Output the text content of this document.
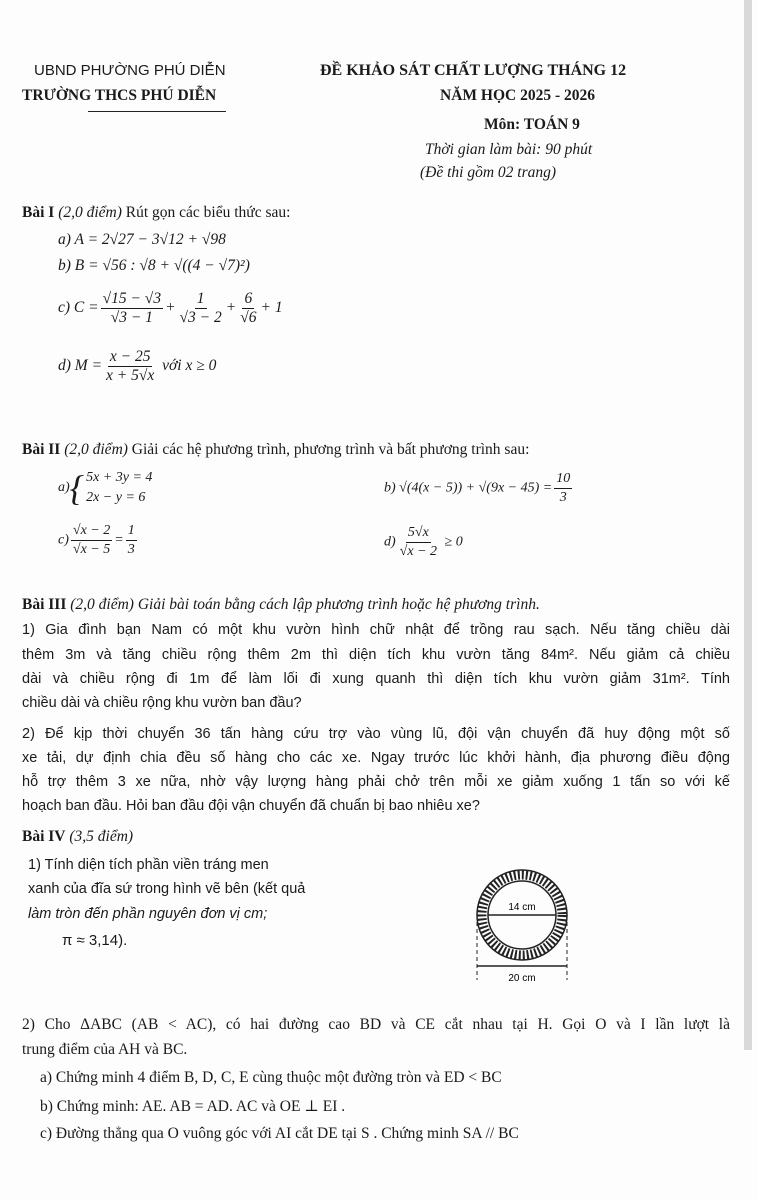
UBND PHƯỜNG PHÚ DIỄN
TRƯỜNG THCS PHÚ DIỄN
ĐỀ KHẢO SÁT CHẤT LƯỢNG THÁNG 12
NĂM HỌC 2025 - 2026
Môn: TOÁN 9
Thời gian làm bài: 90 phút
(Đề thi gồm 02 trang)
Bài I (2,0 điểm) Rút gọn các biểu thức sau:
a) A = 2√27 − 3√12 + √98
b) B = √56 : √8 + √((4 − √7)²)
c) $C = \frac{√15 - √3}{√3 - 1} + \frac{1}{√3 - 2} + \frac{6}{√6} + 1$
d) $M = \frac{x - 25}{x + 5√x}$ với x ≥ 0
Bài II (2,0 điểm) Giải các hệ phương trình, phương trình và bất phương trình sau:
a){ 5x + 3y = 4
2x − y = 6
b) $√(4(x - 5)) + √(9x - 45) = \frac{10}{3}$
$c) \frac{√x - 2}{√x - 5} = \frac{1}{3}$	$d) \frac{5√x}{√x - 2} \ge 0$
Bài III (2,0 điểm) Giải bài toán bằng cách lập phương trình hoặc hệ phương trình.
1) Gia đình bạn Nam có một khu vườn hình chữ nhật để trồng rau sạch. Nếu tăng chiều dài
thêm 3m và tăng chiều rộng thêm 2m thì diện tích khu vườn tăng 84m². Nếu giảm cả chiều
dài và chiều rộng đi 1m để làm lối đi xung quanh thì diện tích khu vườn giảm 31m². Tính
chiều dài và chiều rộng khu vườn ban đầu?
2) Để kịp thời chuyển 36 tấn hàng cứu trợ vào vùng lũ, đội vận chuyển đã huy động một số
xe tải, dự định chia đều số hàng cho các xe. Ngay trước lúc khởi hành, địa phương điều động
hỗ trợ thêm 3 xe nữa, nhờ vậy lượng hàng phải chở trên mỗi xe giảm xuống 1 tấn so với kế
hoạch ban đầu. Hỏi ban đầu đội vận chuyển đã chuẩn bị bao nhiêu xe?
Bài IV (3,5 điểm)
1) Tính diện tích phần viền tráng men
xanh của đĩa sứ trong hình vẽ bên (kết quả
làm tròn đến phần nguyên đơn vị cm;
π ≈ 3,14).
14 cm
20 cm
2) Cho ΔABC (AB < AC), có hai đường cao BD và CE cắt nhau tại H. Gọi O và I lần lượt là
trung điểm của AH và BC.
a) Chứng minh 4 điểm B, D, C, E cùng thuộc một đường tròn và ED < BC
b) Chứng minh: AE. AB = AD. AC và OE ⊥ EI .
c) Đường thẳng qua O vuông góc với AI cắt DE tại S . Chứng minh SA // BC
